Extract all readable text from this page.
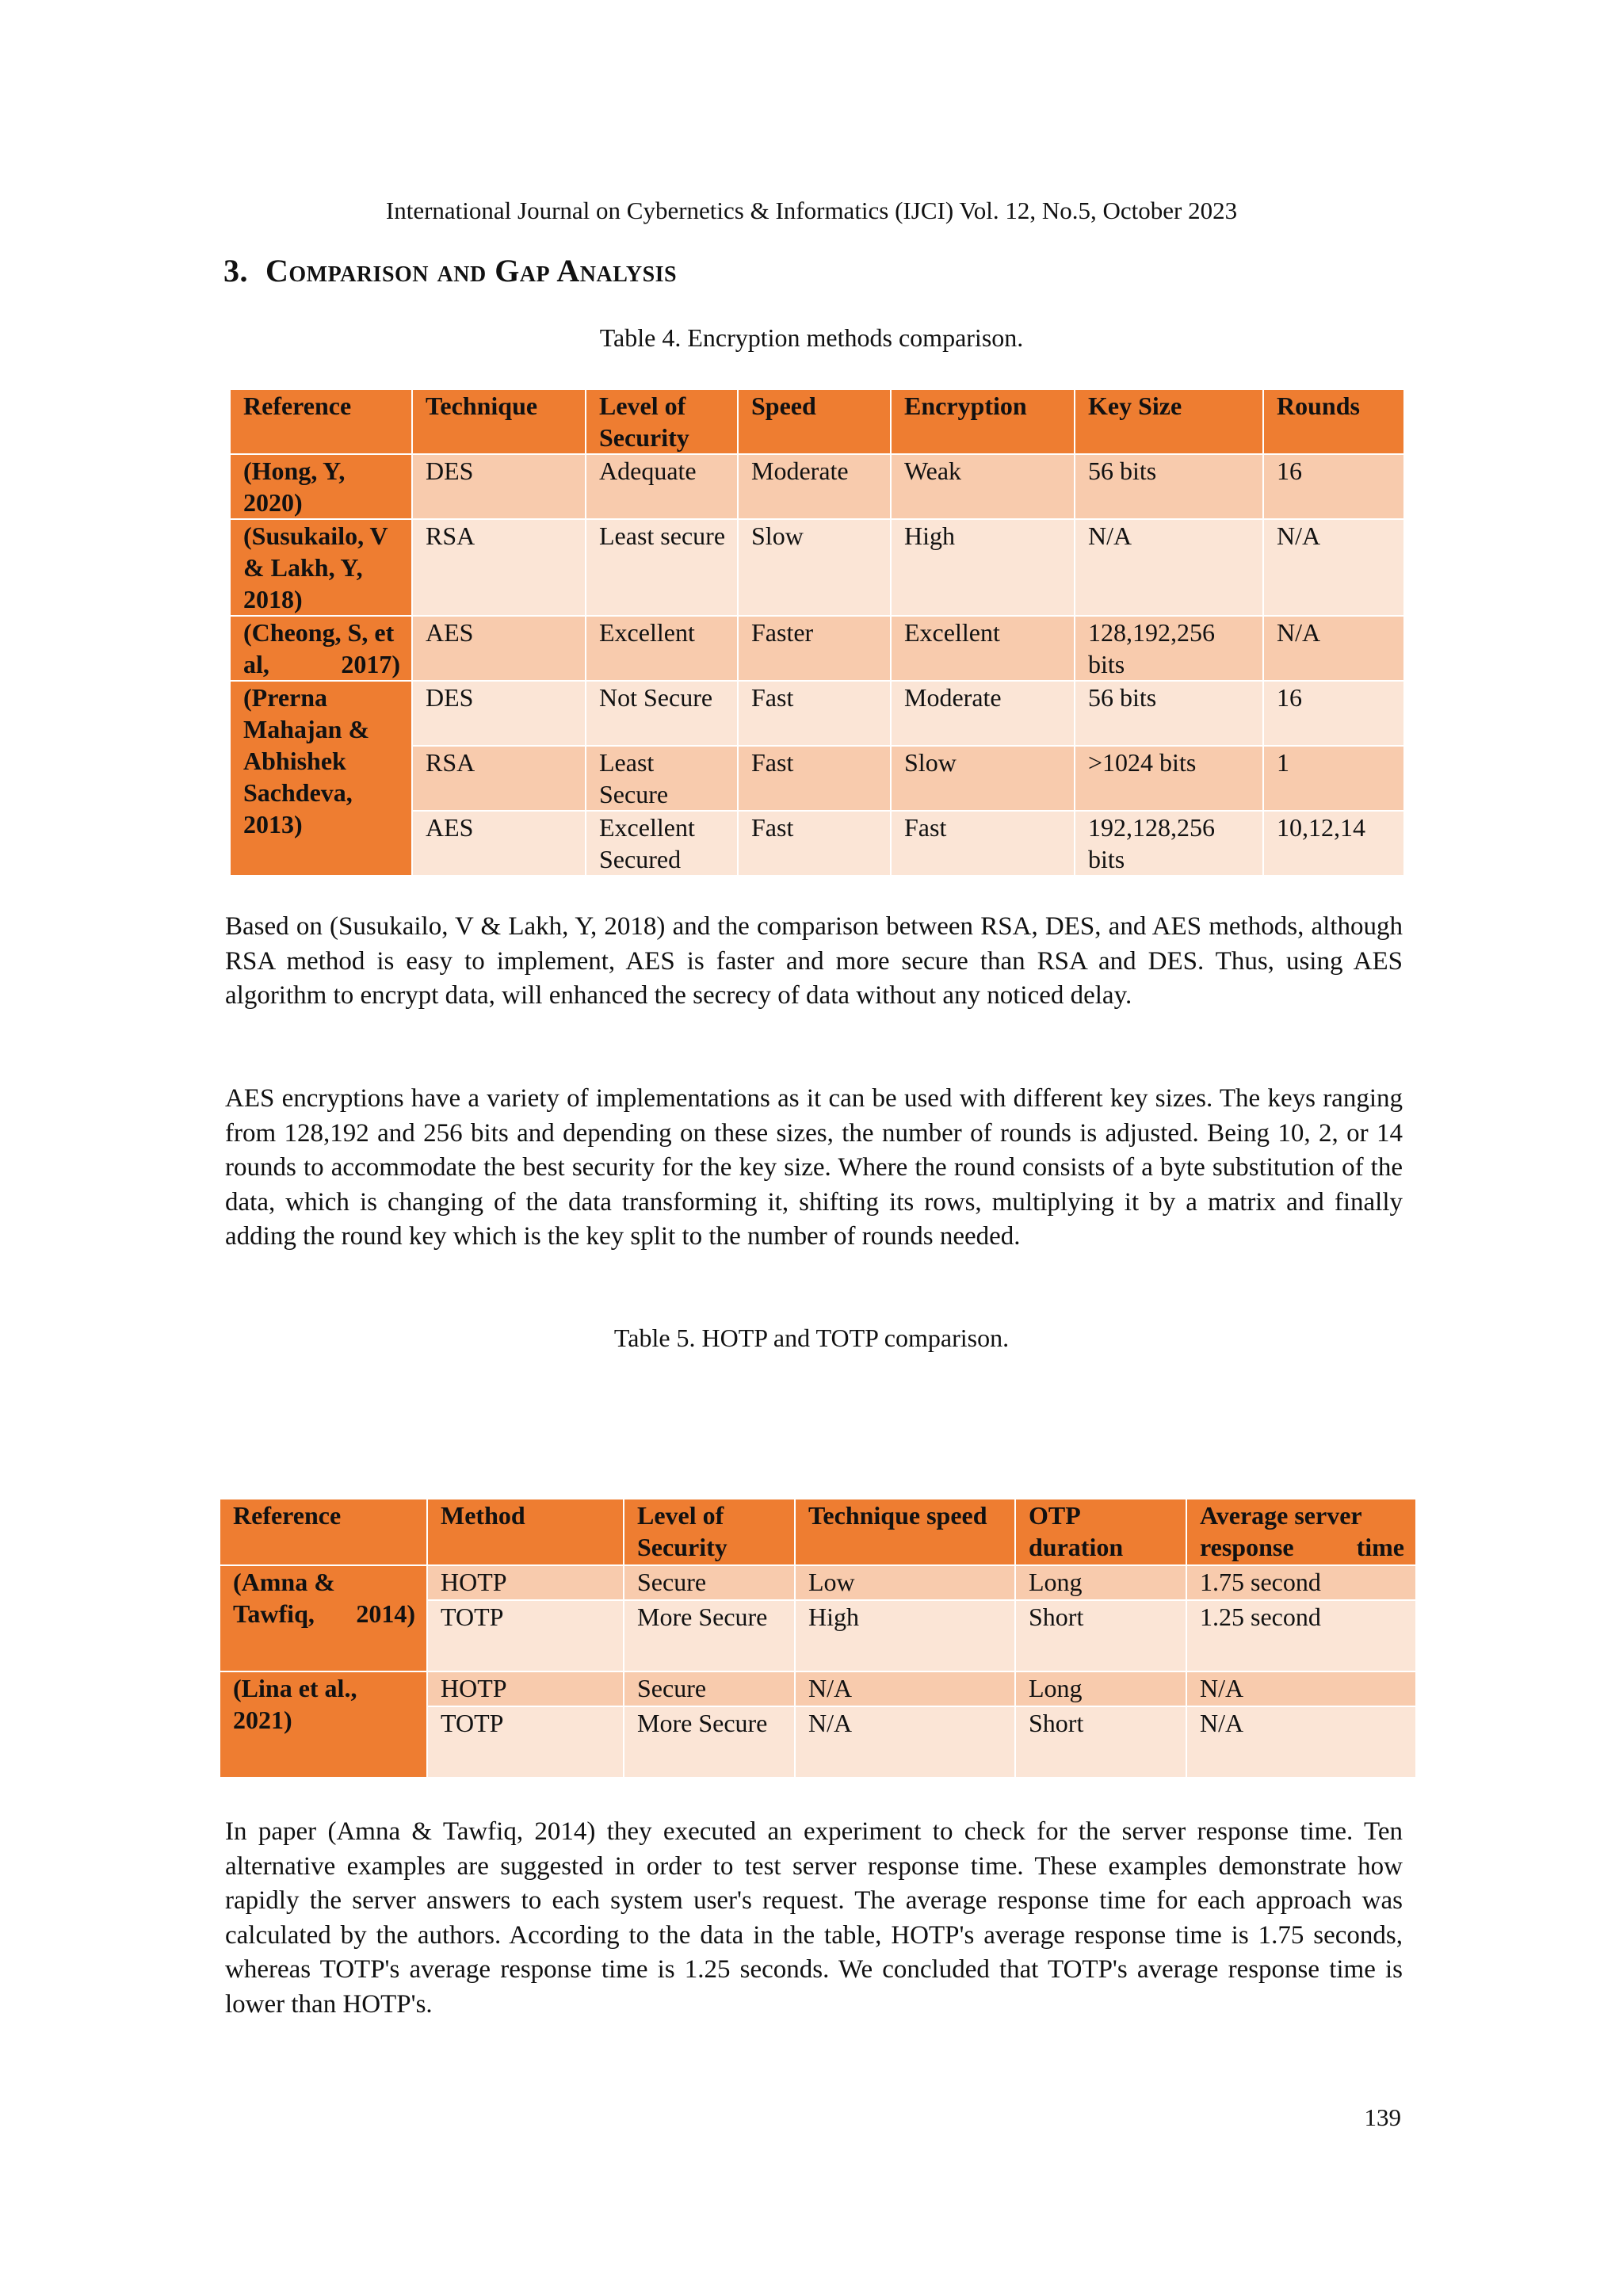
International Journal on Cybernetics & Informatics (IJCI) Vol. 12, No.5, October 2023
3. Comparison and Gap Analysis
Table 4. Encryption methods comparison.
Reference	Technique	Level of Security	Speed	Encryption	Key Size	Rounds
(Hong, Y, 2020)	DES	Adequate	Moderate	Weak	56 bits	16
(Susukailo, V & Lakh, Y, 2018)	RSA	Least secure	Slow	High	N/A	N/A
(Cheong, S, et al, 2017)	AES	Excellent	Faster	Excellent	128,192,256 bits	N/A
(Prerna Mahajan & Abhishek Sachdeva, 2013)	DES	Not Secure	Fast	Moderate	56 bits	16
	RSA	Least Secure	Fast	Slow	>1024 bits	1
	AES	Excellent Secured	Fast	Fast	192,128,256 bits	10,12,14

Based on (Susukailo, V & Lakh, Y, 2018) and the comparison between RSA, DES, and AES methods, although RSA method is easy to implement, AES is faster and more secure than RSA and DES. Thus, using AES algorithm to encrypt data, will enhanced the secrecy of data without any noticed delay.

AES encryptions have a variety of implementations as it can be used with different key sizes. The keys ranging from 128,192 and 256 bits and depending on these sizes, the number of rounds is adjusted. Being 10, 2, or 14 rounds to accommodate the best security for the key size. Where the round consists of a byte substitution of the data, which is changing of the data transforming it, shifting its rows, multiplying it by a matrix and finally adding the round key which is the key split to the number of rounds needed.

Table 5. HOTP and TOTP comparison.
Reference	Method	Level of Security	Technique speed	OTP duration	Average server response time
(Amna & Tawfiq, 2014)	HOTP	Secure	Low	Long	1.75 second
	TOTP	More Secure	High	Short	1.25 second
(Lina et al., 2021)	HOTP	Secure	N/A	Long	N/A
	TOTP	More Secure	N/A	Short	N/A

In paper (Amna & Tawfiq, 2014) they executed an experiment to check for the server response time. Ten alternative examples are suggested in order to test server response time. These examples demonstrate how rapidly the server answers to each system user's request. The average response time for each approach was calculated by the authors. According to the data in the table, HOTP's average response time is 1.75 seconds, whereas TOTP's average response time is 1.25 seconds. We concluded that TOTP's average response time is lower than HOTP's.

139
